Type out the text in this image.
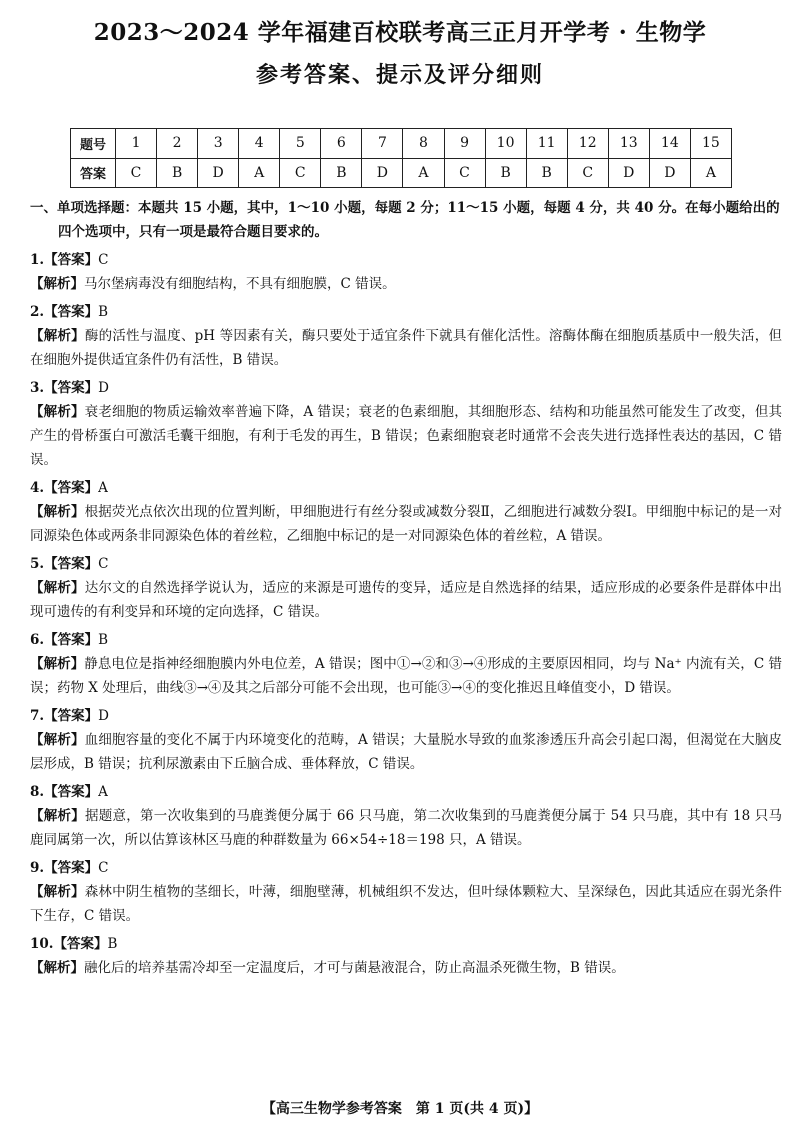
2023～2024 学年福建百校联考高三正月开学考 · 生物学
参考答案、提示及评分细则
题号	1	2	3	4	5	6	7	8	9	10	11	12	13	14	15
答案	C	B	D	A	C	B	D	A	C	B	B	C	D	D	A

一、单项选择题：本题共 15 小题，其中，1～10 小题，每题 2 分；11～15 小题，每题 4 分，共 40 分。在每小题给出的四个选项中，只有一项是最符合题目要求的。

1.【答案】C

【解析】马尔堡病毒没有细胞结构，不具有细胞膜，C 错误。

2.【答案】B

【解析】酶的活性与温度、pH 等因素有关，酶只要处于适宜条件下就具有催化活性。溶酶体酶在细胞质基质中一般失活，但在细胞外提供适宜条件仍有活性，B 错误。

3.【答案】D

【解析】衰老细胞的物质运输效率普遍下降，A 错误；衰老的色素细胞，其细胞形态、结构和功能虽然可能发生了改变，但其产生的骨桥蛋白可激活毛囊干细胞，有利于毛发的再生，B 错误；色素细胞衰老时通常不会丧失进行选择性表达的基因，C 错误。

4.【答案】A

【解析】根据荧光点依次出现的位置判断，甲细胞进行有丝分裂或减数分裂Ⅱ，乙细胞进行减数分裂Ⅰ。甲细胞中标记的是一对同源染色体或两条非同源染色体的着丝粒，乙细胞中标记的是一对同源染色体的着丝粒，A 错误。

5.【答案】C

【解析】达尔文的自然选择学说认为，适应的来源是可遗传的变异，适应是自然选择的结果，适应形成的必要条件是群体中出现可遗传的有利变异和环境的定向选择，C 错误。

6.【答案】B

【解析】静息电位是指神经细胞膜内外电位差，A 错误；图中①→②和③→④形成的主要原因相同，均与 Na⁺ 内流有关，C 错误；药物 X 处理后，曲线③→④及其之后部分可能不会出现，也可能③→④的变化推迟且峰值变小，D 错误。

7.【答案】D

【解析】血细胞容量的变化不属于内环境变化的范畴，A 错误；大量脱水导致的血浆渗透压升高会引起口渴，但渴觉在大脑皮层形成，B 错误；抗利尿激素由下丘脑合成、垂体释放，C 错误。

8.【答案】A

【解析】据题意，第一次收集到的马鹿粪便分属于 66 只马鹿，第二次收集到的马鹿粪便分属于 54 只马鹿，其中有 18 只马鹿同属第一次，所以估算该林区马鹿的种群数量为 66×54÷18＝198 只，A 错误。

9.【答案】C

【解析】森林中阴生植物的茎细长，叶薄，细胞壁薄，机械组织不发达，但叶绿体颗粒大、呈深绿色，因此其适应在弱光条件下生存，C 错误。

10.【答案】B

【解析】融化后的培养基需冷却至一定温度后，才可与菌悬液混合，防止高温杀死微生物，B 错误。

【高三生物学参考答案　第 1 页(共 4 页)】
